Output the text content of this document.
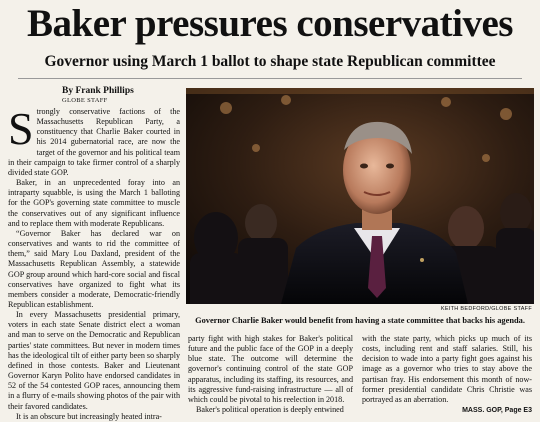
Baker pressures conservatives
Governor using March 1 ballot to shape state Republican committee
By Frank Phillips
GLOBE STAFF

Strongly conservative factions of the Massachusetts Republican Party, a constituency that Charlie Baker courted in his 2014 gubernatorial race, are now the target of the governor and his political team in their campaign to take firmer control of a sharply divided state GOP.

Baker, in an unprecedented foray into an intraparty squabble, is using the March 1 balloting for the GOP's governing state committee to muscle the conservatives out of any significant influence and to replace them with moderate Republicans.

“Governor Baker has declared war on conservatives and wants to rid the committee of them,” said Mary Lou Daxland, president of the Massachusetts Republican Assembly, a statewide GOP group around which hard-core social and fiscal conservatives have organized to fight what its members consider a moderate, Democratic-friendly Republican establishment.

In every Massachusetts presidential primary, voters in each state Senate district elect a woman and man to serve on the Democratic and Republican parties' state committees. But never in modern times has the ideological tilt of either party been so sharply defined in those contests. Baker and Lieutenant Governor Karyn Polito have endorsed candidates in 52 of the 54 contested GOP races, announcing them in a flurry of e-mails showing photos of the pair with their favored candidates.

It is an obscure but increasingly heated intra-

KEITH BEDFORD/GLOBE STAFF
Governor Charlie Baker would benefit from having a state committee that backs his agenda.

party fight with high stakes for Baker's political future and the public face of the GOP in a deeply blue state. The outcome will determine the governor's continuing control of the state GOP apparatus, including its staffing, its resources, and its aggressive fund-raising infrastructure — all of which could be pivotal to his reelection in 2018.

Baker's political operation is deeply entwined

with the state party, which picks up much of its costs, including rent and staff salaries. Still, his decision to wade into a party fight goes against his image as a governor who tries to stay above the partisan fray. His endorsement this month of now-former presidential candidate Chris Christie was portrayed as an aberration.

MASS. GOP, Page E3
